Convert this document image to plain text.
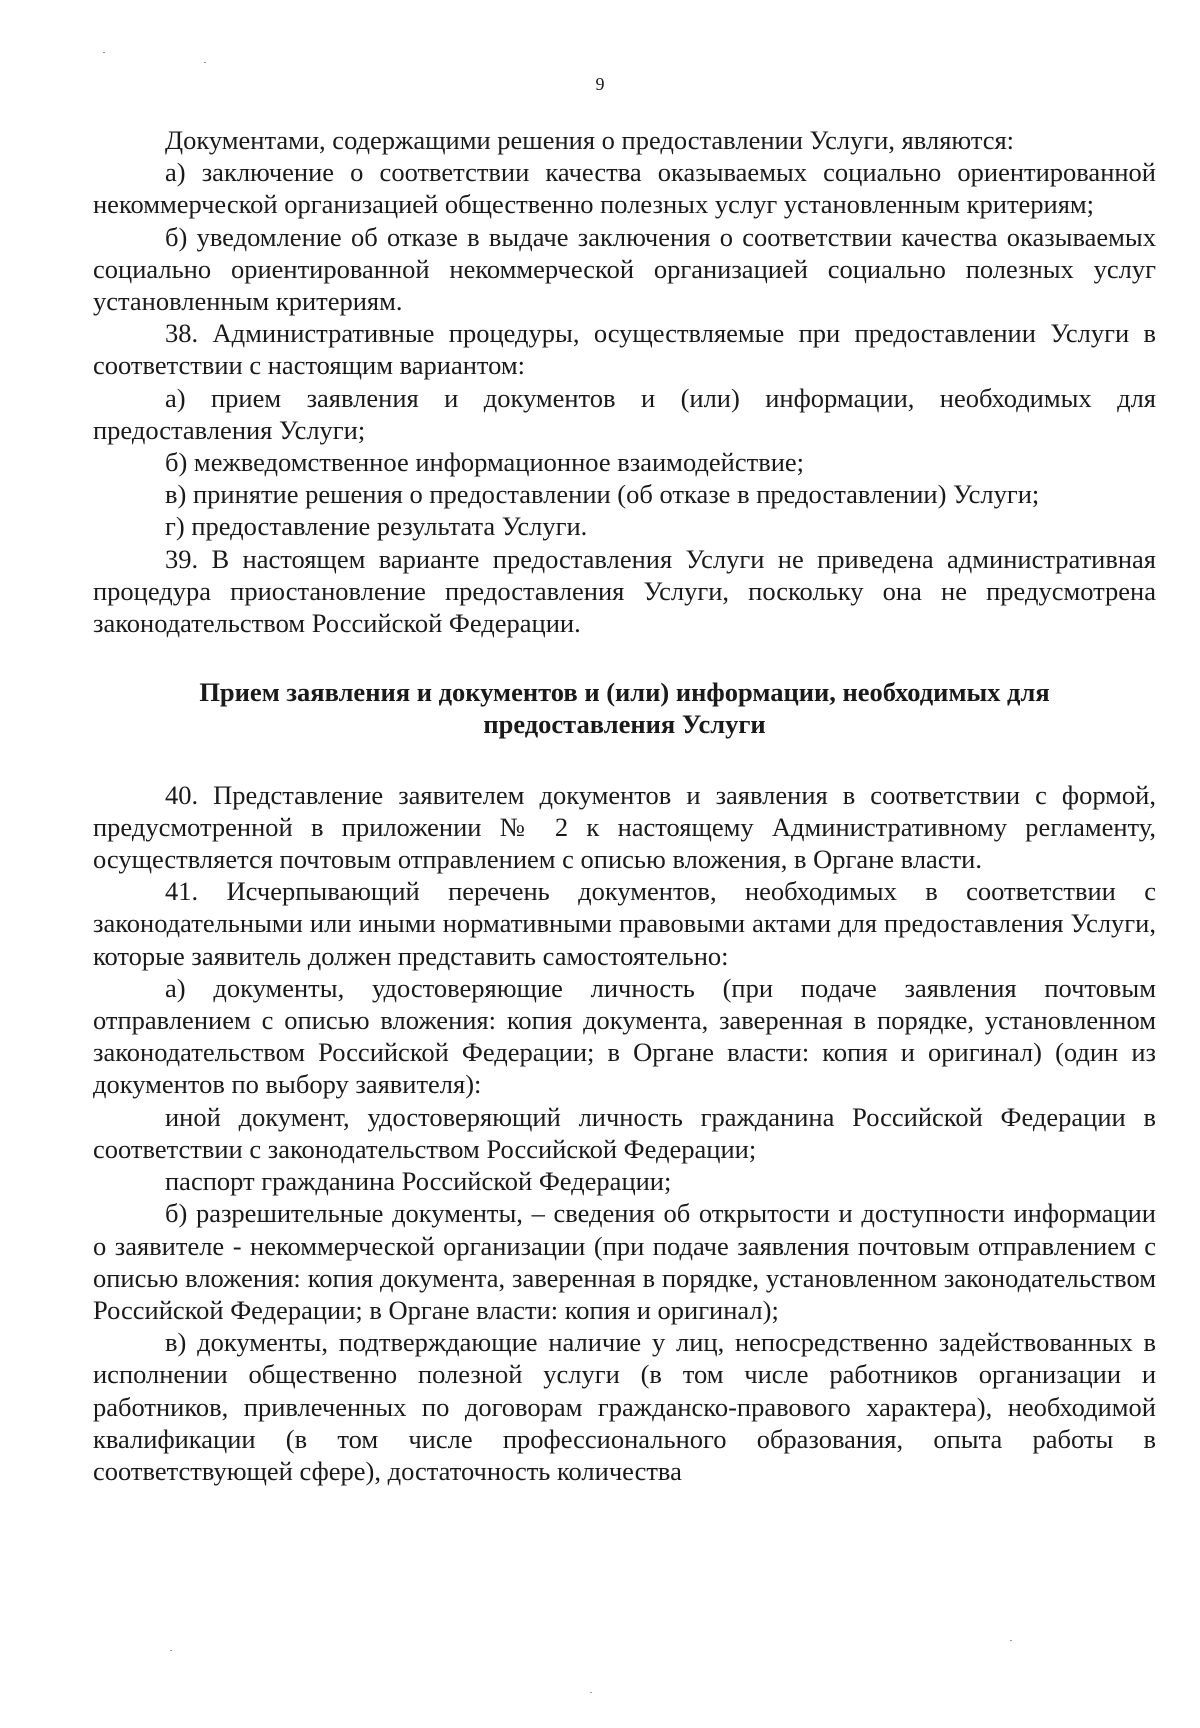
9

Документами, содержащими решения о предоставлении Услуги, являются:

а) заключение о соответствии качества оказываемых социально ориентированной некоммерческой организацией общественно полезных услуг установленным критериям;

б) уведомление об отказе в выдаче заключения о соответствии качества оказываемых социально ориентированной некоммерческой организацией социально полезных услуг установленным критериям.

38. Административные процедуры, осуществляемые при предоставлении Услуги в соответствии с настоящим вариантом:

а) прием заявления и документов и (или) информации, необходимых для предоставления Услуги;

б) межведомственное информационное взаимодействие;

в) принятие решения о предоставлении (об отказе в предоставлении) Услуги;

г) предоставление результата Услуги.

39. В настоящем варианте предоставления Услуги не приведена административная процедура приостановление предоставления Услуги, поскольку она не предусмотрена законодательством Российской Федерации.

Прием заявления и документов и (или) информации, необходимых для
предоставления Услуги

40. Представление заявителем документов и заявления в соответствии с формой, предусмотренной в приложении № 2 к настоящему Административному регламенту, осуществляется почтовым отправлением с описью вложения, в Органе власти.

41. Исчерпывающий перечень документов, необходимых в соответствии с законодательными или иными нормативными правовыми актами для предоставления Услуги, которые заявитель должен представить самостоятельно:

а) документы, удостоверяющие личность (при подаче заявления почтовым отправлением с описью вложения: копия документа, заверенная в порядке, установленном законодательством Российской Федерации; в Органе власти: копия и оригинал) (один из документов по выбору заявителя):

иной документ, удостоверяющий личность гражданина Российской Федерации в соответствии с законодательством Российской Федерации;

паспорт гражданина Российской Федерации;

б) разрешительные документы, – сведения об открытости и доступности информации о заявителе - некоммерческой организации (при подаче заявления почтовым отправлением с описью вложения: копия документа, заверенная в порядке, установленном законодательством Российской Федерации; в Органе власти: копия и оригинал);

в) документы, подтверждающие наличие у лиц, непосредственно задействованных в исполнении общественно полезной услуги (в том числе работников организации и работников, привлеченных по договорам гражданско-правового характера), необходимой квалификации (в том числе профессионального образования, опыта работы в соответствующей сфере), достаточность количества
